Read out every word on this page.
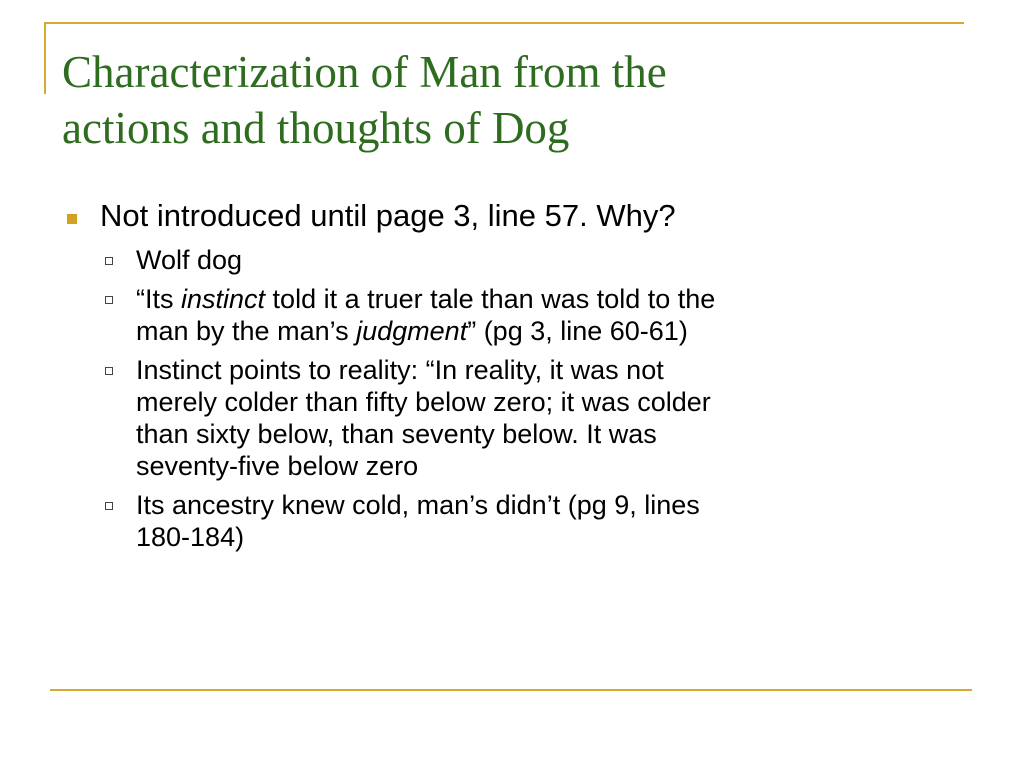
Characterization of Man from the
actions and thoughts of Dog
Not introduced until page 3, line 57. Why?
Wolf dog
“Its instinct told it a truer tale than was told to the
man by the man’s judgment” (pg 3, line 60-61)
Instinct points to reality: “In reality, it was not
merely colder than fifty below zero; it was colder
than sixty below, than seventy below. It was
seventy-five below zero
Its ancestry knew cold, man’s didn’t (pg 9, lines
180-184)
